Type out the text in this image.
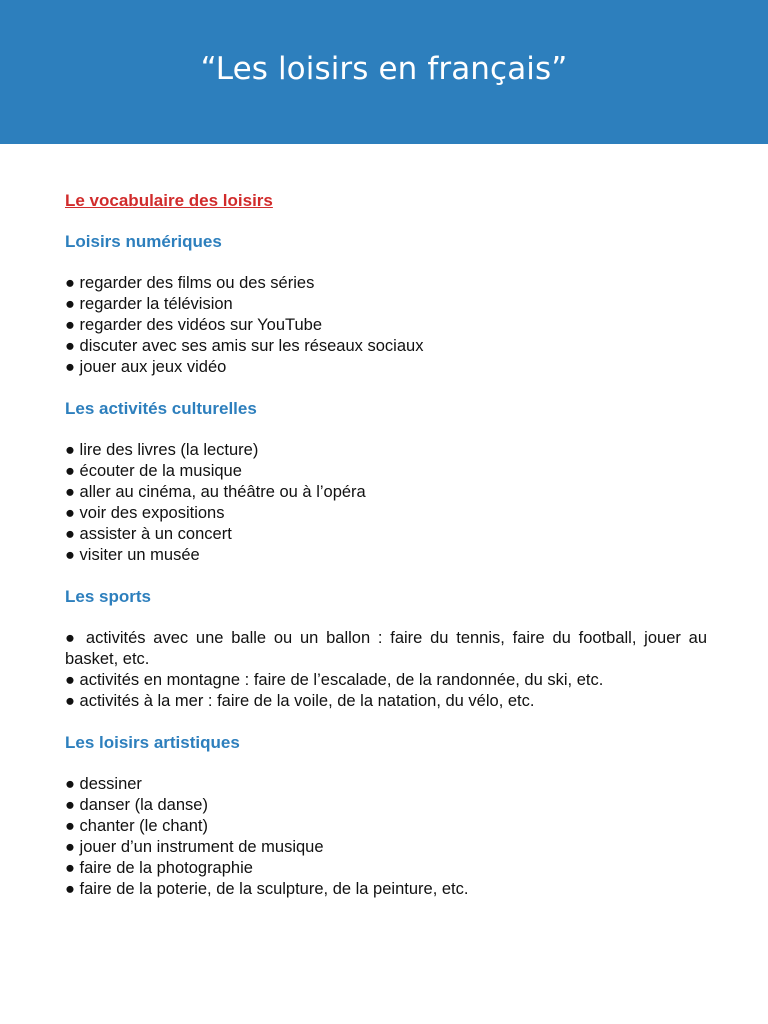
“Les loisirs en français”
Le vocabulaire des loisirs
Loisirs numériques

● regarder des films ou des séries

● regarder la télévision

● regarder des vidéos sur YouTube

● discuter avec ses amis sur les réseaux sociaux

● jouer aux jeux vidéo

Les activités culturelles

● lire des livres (la lecture)

● écouter de la musique

● aller au cinéma, au théâtre ou à l’opéra

● voir des expositions

● assister à un concert

● visiter un musée

Les sports

● activités avec une balle ou un ballon : faire du tennis, faire du football, jouer au basket, etc.

● activités en montagne : faire de l’escalade, de la randonnée, du ski, etc.

● activités à la mer : faire de la voile, de la natation, du vélo, etc.

Les loisirs artistiques

● dessiner

● danser (la danse)

● chanter (le chant)

● jouer d’un instrument de musique

● faire de la photographie

● faire de la poterie, de la sculpture, de la peinture, etc.
